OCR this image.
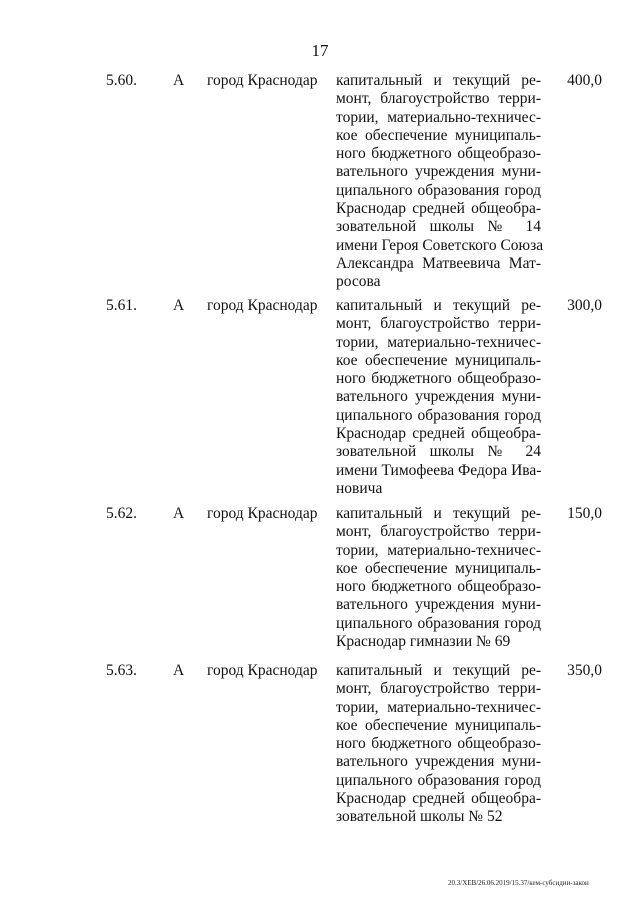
17
5.60. А город Краснодар капитальный и текущий ре-
монт, благоустройство терри-
тории, материально-техничес-
кое обеспечение муниципаль-
ного бюджетного общеобразо-
вательного учреждения муни-
ципального образования город
Краснодар средней общеобра-
зовательной школы № 14
имени Героя Советского Союза
Александра Матвеевича Мат-
росова
400,0
5.61. А город Краснодар капитальный и текущий ре-
монт, благоустройство терри-
тории, материально-техничес-
кое обеспечение муниципаль-
ного бюджетного общеобразо-
вательного учреждения муни-
ципального образования город
Краснодар средней общеобра-
зовательной школы № 24
имени Тимофеева Федора Ива-
новича
300,0
5.62. А город Краснодар капитальный и текущий ре-
монт, благоустройство терри-
тории, материально-техничес-
кое обеспечение муниципаль-
ного бюджетного общеобразо-
вательного учреждения муни-
ципального образования город
Краснодар гимназии № 69
150,0
5.63. А город Краснодар капитальный и текущий ре-
монт, благоустройство терри-
тории, материально-техничес-
кое обеспечение муниципаль-
ного бюджетного общеобразо-
вательного учреждения муни-
ципального образования город
Краснодар средней общеобра-
зовательной школы № 52
350,0
20.3/ХЕВ/26.06.2019/15.37/кем-субсидии-закон
